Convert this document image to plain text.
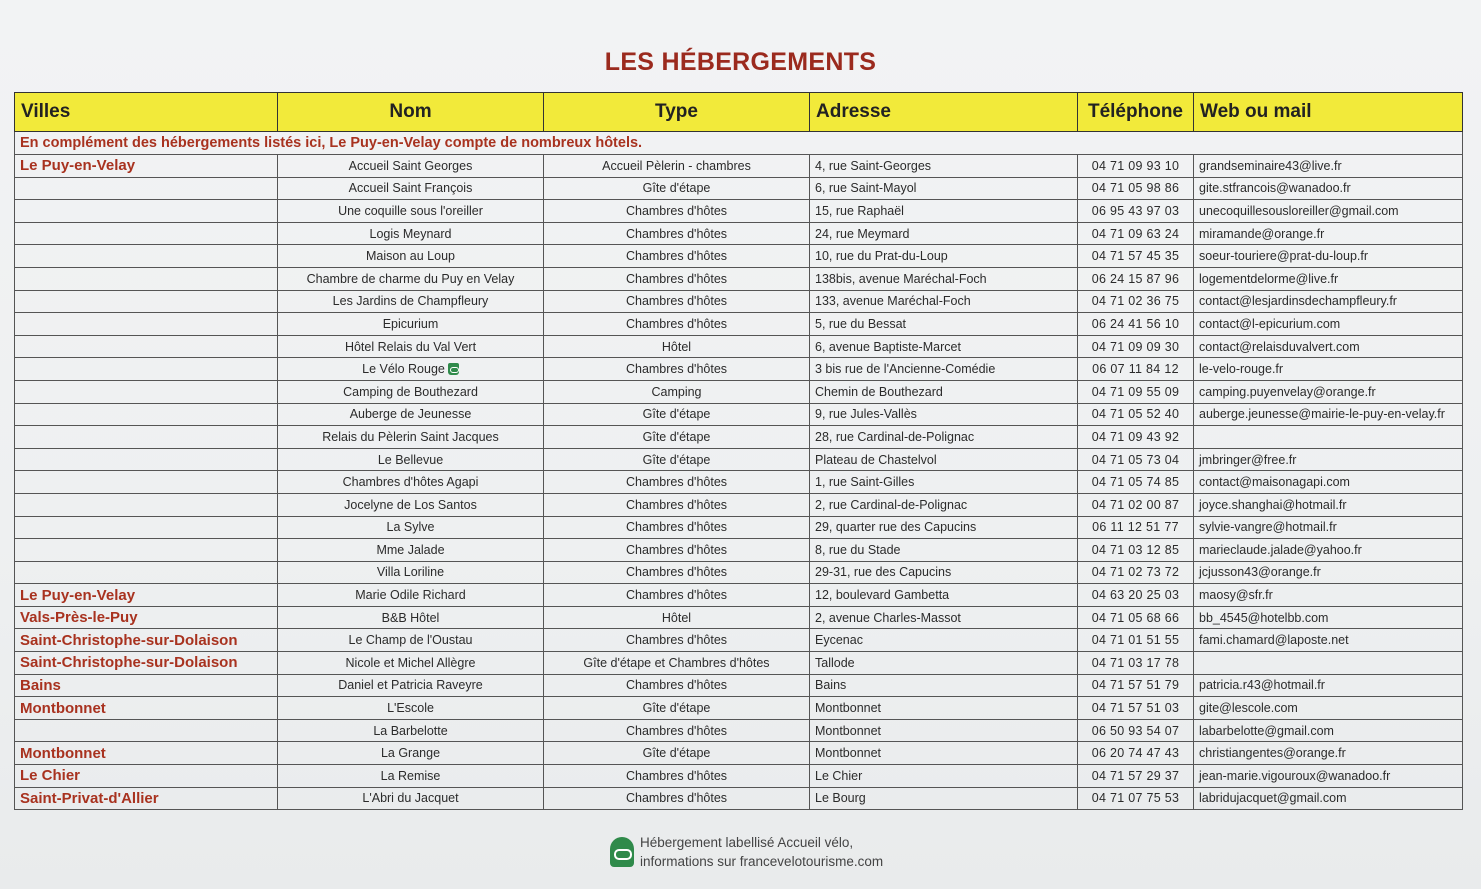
LES HÉBERGEMENTS
Villes	Nom	Type	Adresse	Téléphone	Web ou mail
En complément des hébergements listés ici, Le Puy-en-Velay compte de nombreux hôtels.					
Le Puy-en-Velay	Accueil Saint Georges	Accueil Pèlerin - chambres	4, rue Saint-Georges	04 71 09 93 10	grandseminaire43@live.fr
	Accueil Saint François	Gîte d'étape	6, rue Saint-Mayol	04 71 05 98 86	gite.stfrancois@wanadoo.fr
	Une coquille sous l'oreiller	Chambres d'hôtes	15, rue Raphaël	06 95 43 97 03	unecoquillesousloreiller@gmail.com
	Logis Meynard	Chambres d'hôtes	24, rue Meymard	04 71 09 63 24	miramande@orange.fr
	Maison au Loup	Chambres d'hôtes	10, rue du Prat-du-Loup	04 71 57 45 35	soeur-touriere@prat-du-loup.fr
	Chambre de charme du Puy en Velay	Chambres d'hôtes	138bis, avenue Maréchal-Foch	06 24 15 87 96	logementdelorme@live.fr
	Les Jardins de Champfleury	Chambres d'hôtes	133, avenue Maréchal-Foch	04 71 02 36 75	contact@lesjardinsdechampfleury.fr
	Epicurium	Chambres d'hôtes	5, rue du Bessat	06 24 41 56 10	contact@l-epicurium.com
	Hôtel Relais du Val Vert	Hôtel	6, avenue Baptiste-Marcet	04 71 09 09 30	contact@relaisduvalvert.com
	Le Vélo Rouge	Chambres d'hôtes	3 bis rue de l'Ancienne-Comédie	06 07 11 84 12	le-velo-rouge.fr
	Camping de Bouthezard	Camping	Chemin de Bouthezard	04 71 09 55 09	camping.puyenvelay@orange.fr
	Auberge de Jeunesse	Gîte d'étape	9, rue Jules-Vallès	04 71 05 52 40	auberge.jeunesse@mairie-le-puy-en-velay.fr
	Relais du Pèlerin Saint Jacques	Gîte d'étape	28, rue Cardinal-de-Polignac	04 71 09 43 92	
	Le Bellevue	Gîte d'étape	Plateau de Chastelvol	04 71 05 73 04	jmbringer@free.fr
	Chambres d'hôtes Agapi	Chambres d'hôtes	1, rue Saint-Gilles	04 71 05 74 85	contact@maisonagapi.com
	Jocelyne de Los Santos	Chambres d'hôtes	2, rue Cardinal-de-Polignac	04 71 02 00 87	joyce.shanghai@hotmail.fr
	La Sylve	Chambres d'hôtes	29, quarter rue des Capucins	06 11 12 51 77	sylvie-vangre@hotmail.fr
	Mme Jalade	Chambres d'hôtes	8, rue du Stade	04 71 03 12 85	marieclaude.jalade@yahoo.fr
	Villa Loriline	Chambres d'hôtes	29-31, rue des Capucins	04 71 02 73 72	jcjusson43@orange.fr
Le Puy-en-Velay	Marie Odile Richard	Chambres d'hôtes	12, boulevard Gambetta	04 63 20 25 03	maosy@sfr.fr
Vals-Près-le-Puy	B&B Hôtel	Hôtel	2, avenue Charles-Massot	04 71 05 68 66	bb_4545@hotelbb.com
Saint-Christophe-sur-Dolaison	Le Champ de l'Oustau	Chambres d'hôtes	Eycenac	04 71 01 51 55	fami.chamard@laposte.net
Saint-Christophe-sur-Dolaison	Nicole et Michel Allègre	Gîte d'étape et Chambres d'hôtes	Tallode	04 71 03 17 78	
Bains	Daniel et Patricia Raveyre	Chambres d'hôtes	Bains	04 71 57 51 79	patricia.r43@hotmail.fr
Montbonnet	L'Escole	Gîte d'étape	Montbonnet	04 71 57 51 03	gite@lescole.com
	La Barbelotte	Chambres d'hôtes	Montbonnet	06 50 93 54 07	labarbelotte@gmail.com
Montbonnet	La Grange	Gîte d'étape	Montbonnet	06 20 74 47 43	christiangentes@orange.fr
Le Chier	La Remise	Chambres d'hôtes	Le Chier	04 71 57 29 37	jean-marie.vigouroux@wanadoo.fr
Saint-Privat-d'Allier	L'Abri du Jacquet	Chambres d'hôtes	Le Bourg	04 71 07 75 53	labridujacquet@gmail.com
Hébergement labellisé Accueil vélo,
informations sur francevelotourisme.com
